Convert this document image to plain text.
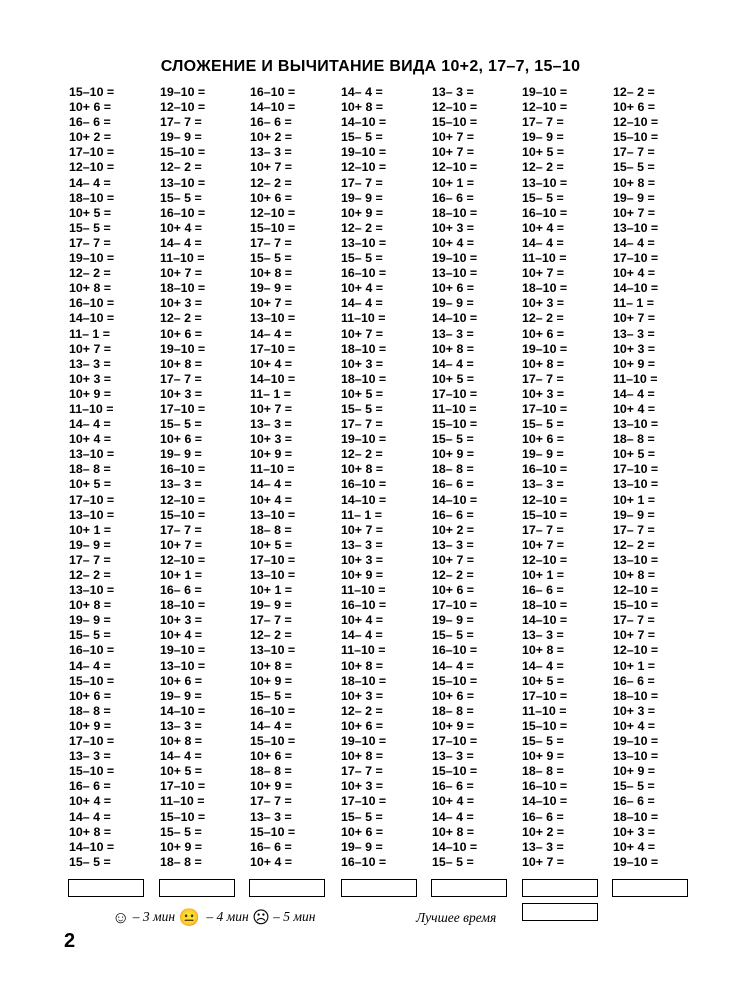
СЛОЖЕНИЕ И ВЫЧИТАНИЕ ВИДА 10+2, 17–7, 15–10
15–10 =
10+ 6 =
16– 6 =
10+ 2 =
17–10 =
12–10 =
14– 4 =
18–10 =
10+ 5 =
15– 5 =
17– 7 =
19–10 =
12– 2 =
10+ 8 =
16–10 =
14–10 =
11– 1 =
10+ 7 =
13– 3 =
10+ 3 =
10+ 9 =
11–10 =
14– 4 =
10+ 4 =
13–10 =
18– 8 =
10+ 5 =
17–10 =
13–10 =
10+ 1 =
19– 9 =
17– 7 =
12– 2 =
13–10 =
10+ 8 =
19– 9 =
15– 5 =
16–10 =
14– 4 =
15–10 =
10+ 6 =
18– 8 =
10+ 9 =
17–10 =
13– 3 =
15–10 =
16– 6 =
10+ 4 =
14– 4 =
10+ 8 =
14–10 =
15– 5 =
19–10 =
12–10 =
17– 7 =
19– 9 =
15–10 =
12– 2 =
13–10 =
15– 5 =
16–10 =
10+ 4 =
14– 4 =
11–10 =
10+ 7 =
18–10 =
10+ 3 =
12– 2 =
10+ 6 =
19–10 =
10+ 8 =
17– 7 =
10+ 3 =
17–10 =
15– 5 =
10+ 6 =
19– 9 =
16–10 =
13– 3 =
12–10 =
15–10 =
17– 7 =
10+ 7 =
12–10 =
10+ 1 =
16– 6 =
18–10 =
10+ 3 =
10+ 4 =
19–10 =
13–10 =
10+ 6 =
19– 9 =
14–10 =
13– 3 =
10+ 8 =
14– 4 =
10+ 5 =
17–10 =
11–10 =
15–10 =
15– 5 =
10+ 9 =
18– 8 =
16–10 =
14–10 =
16– 6 =
10+ 2 =
13– 3 =
10+ 7 =
12– 2 =
10+ 6 =
12–10 =
15–10 =
17– 7 =
15– 5 =
10+ 8 =
19– 9 =
10+ 7 =
13–10 =
14– 4 =
17–10 =
10+ 4 =
14–10 =
11– 1 =
10+ 7 =
13– 3 =
10+ 3 =
10+ 9 =
11–10 =
14– 4 =
10+ 4 =
13–10 =
18– 8 =
10+ 5 =
17–10 =
13–10 =
10+ 1 =
19– 9 =
17– 7 =
12– 2 =
13–10 =
10+ 8 =
10+ 9 =
15– 5 =
16–10 =
14– 4 =
15–10 =
10+ 6 =
18– 8 =
10+ 9 =
17– 7 =
13– 3 =
15–10 =
16– 6 =
10+ 4 =
14– 4 =
10+ 8 =
14–10 =
15– 5 =
19–10 =
12–10 =
17– 7 =
19– 9 =
10+ 9 =
12– 2 =
13–10 =
15– 5 =
16–10 =
10+ 4 =
14– 4 =
11–10 =
10+ 7 =
18–10 =
10+ 3 =
18–10 =
10+ 5 =
15– 5 =
17– 7 =
19–10 =
12– 2 =
10+ 8 =
16–10 =
14–10 =
11– 1 =
10+ 7 =
13– 3 =
10+ 3 =
10+ 9 =
11–10 =
16–10 =
10+ 4 =
14– 4 =
11–10 =
10+ 8 =
18–10 =
10+ 3 =
12– 2 =
10+ 6 =
19–10 =
10+ 8 =
17– 7 =
10+ 3 =
17–10 =
15– 5 =
10+ 6 =
19– 9 =
16–10 =
13– 3 =
12–10 =
15–10 =
10+ 7 =
10+ 7 =
12–10 =
10+ 1 =
16– 6 =
18–10 =
10+ 3 =
10+ 4 =
19–10 =
13–10 =
10+ 6 =
19– 9 =
14–10 =
13– 3 =
10+ 8 =
14– 4 =
10+ 5 =
17–10 =
11–10 =
15–10 =
15– 5 =
10+ 9 =
18– 8 =
16– 6 =
14–10 =
16– 6 =
10+ 2 =
13– 3 =
10+ 7 =
12– 2 =
10+ 6 =
17–10 =
19– 9 =
15– 5 =
16–10 =
14– 4 =
15–10 =
10+ 6 =
18– 8 =
10+ 9 =
17–10 =
13– 3 =
15–10 =
16– 6 =
10+ 4 =
14– 4 =
10+ 8 =
14–10 =
15– 5 =
19–10 =
12–10 =
17– 7 =
19– 9 =
10+ 5 =
12– 2 =
13–10 =
15– 5 =
16–10 =
10+ 4 =
14– 4 =
11–10 =
10+ 7 =
18–10 =
10+ 3 =
12– 2 =
10+ 6 =
19–10 =
10+ 8 =
17– 7 =
10+ 3 =
17–10 =
15– 5 =
10+ 6 =
19– 9 =
16–10 =
13– 3 =
12–10 =
15–10 =
17– 7 =
10+ 7 =
12–10 =
10+ 1 =
16– 6 =
18–10 =
14–10 =
13– 3 =
10+ 8 =
14– 4 =
10+ 5 =
17–10 =
11–10 =
15–10 =
15– 5 =
10+ 9 =
18– 8 =
16–10 =
14–10 =
16– 6 =
10+ 2 =
13– 3 =
10+ 7 =
12– 2 =
10+ 6 =
12–10 =
15–10 =
17– 7 =
15– 5 =
10+ 8 =
19– 9 =
10+ 7 =
13–10 =
14– 4 =
17–10 =
10+ 4 =
14–10 =
11– 1 =
10+ 7 =
13– 3 =
10+ 3 =
10+ 9 =
11–10 =
14– 4 =
10+ 4 =
13–10 =
18– 8 =
10+ 5 =
17–10 =
13–10 =
10+ 1 =
19– 9 =
17– 7 =
12– 2 =
13–10 =
10+ 8 =
12–10 =
15–10 =
17– 7 =
10+ 7 =
12–10 =
10+ 1 =
16– 6 =
18–10 =
10+ 3 =
10+ 4 =
19–10 =
13–10 =
10+ 9 =
15– 5 =
16– 6 =
18–10 =
10+ 3 =
10+ 4 =
19–10 =
☺ – 3 мин 😐 – 4 мин ☹ – 5 мин	Лучшее время
2
